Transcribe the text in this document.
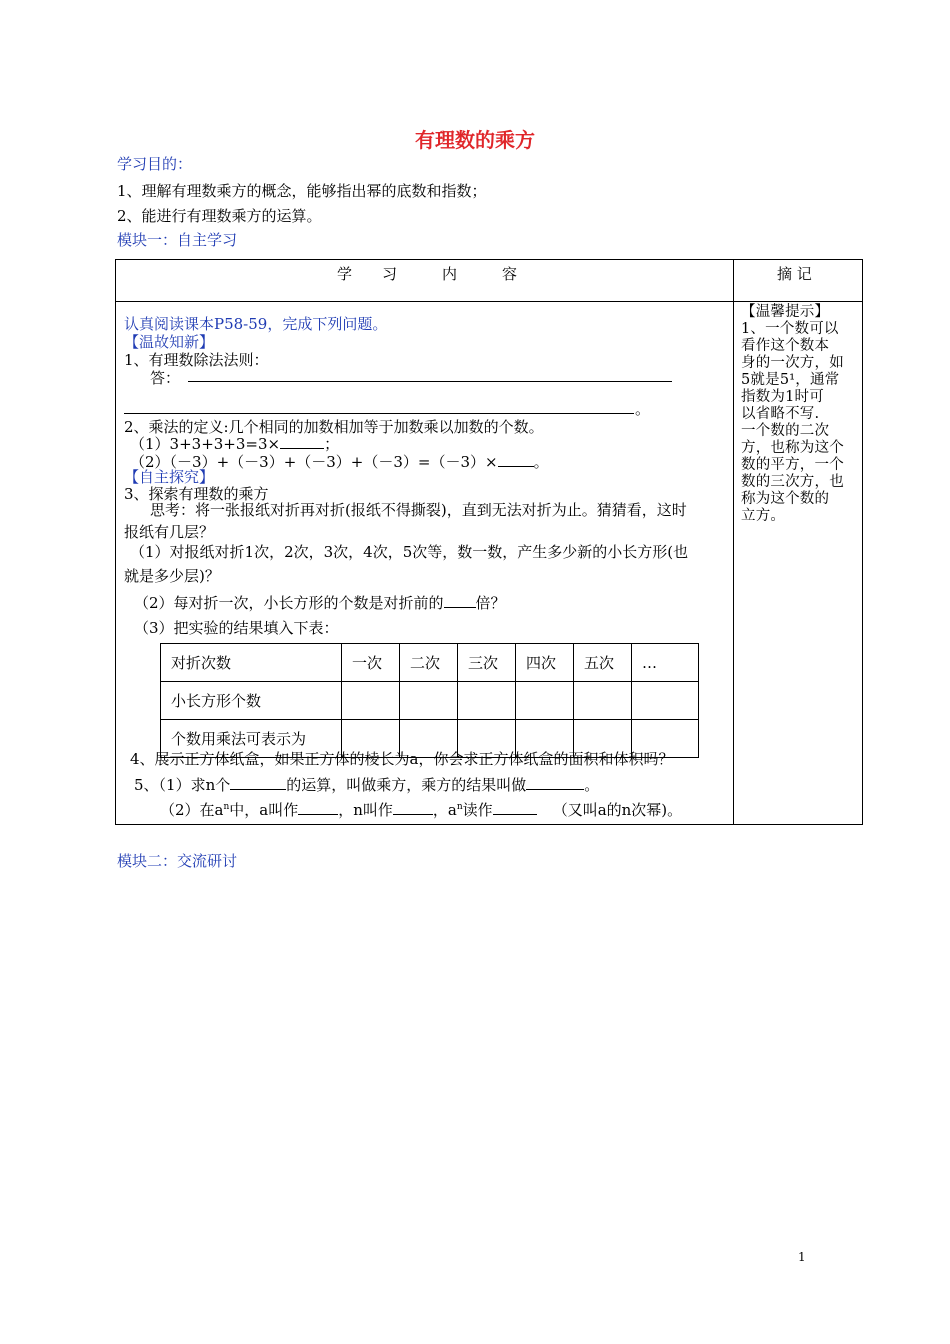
有理数的乘方
学习目的：
1、理解有理数乘方的概念，能够指出幂的底数和指数；
2、能进行有理数乘方的运算。
模块一：自主学习
学　　习　　　内　　　容	摘 记
认真阅读课本P58-59，完成下列问题。
【温故知新】
1、有理数除法法则：
答：
。
2、乘法的定义:几个相同的加数相加等于加数乘以加数的个数。
（1）3+3+3+3=3×	；
（2）（－3）+（－3）+（－3）+（－3）=（－3）× 。
【自主探究】
3、探索有理数的乘方
思考：将一张报纸对折再对折(报纸不得撕裂)，直到无法对折为止。猜猜看，这时
报纸有几层？
（1）对报纸对折1次，2次，3次，4次，5次等，数一数，产生多少新的小长方形(也
就是多少层)？
（2）每对折一次，小长方形的个数是对折前的 倍？
（3）把实验的结果填入下表：
对折次数	一次	二次	三次	四次	五次	…
小长方形个数						
个数用乘法可表示为						
4、展示正方体纸盒，如果正方体的棱长为a，你会求正方体纸盒的面积和体积吗？
5、（1）求n个	的运算，叫做乘方，乘方的结果叫做	。
（2）在$a^n$中，a叫作	，n叫作	，$a^n$读作	（又叫a的n次幂)。
【温馨提示】
1、一个数可以
看作这个数本
身的一次方，如
5就是5¹，通常
指数为1时可
以省略不写.
一个数的二次
方，也称为这个
数的平方，一个
数的三次方，也
称为这个数的
立方。
模块二：交流研讨
1
